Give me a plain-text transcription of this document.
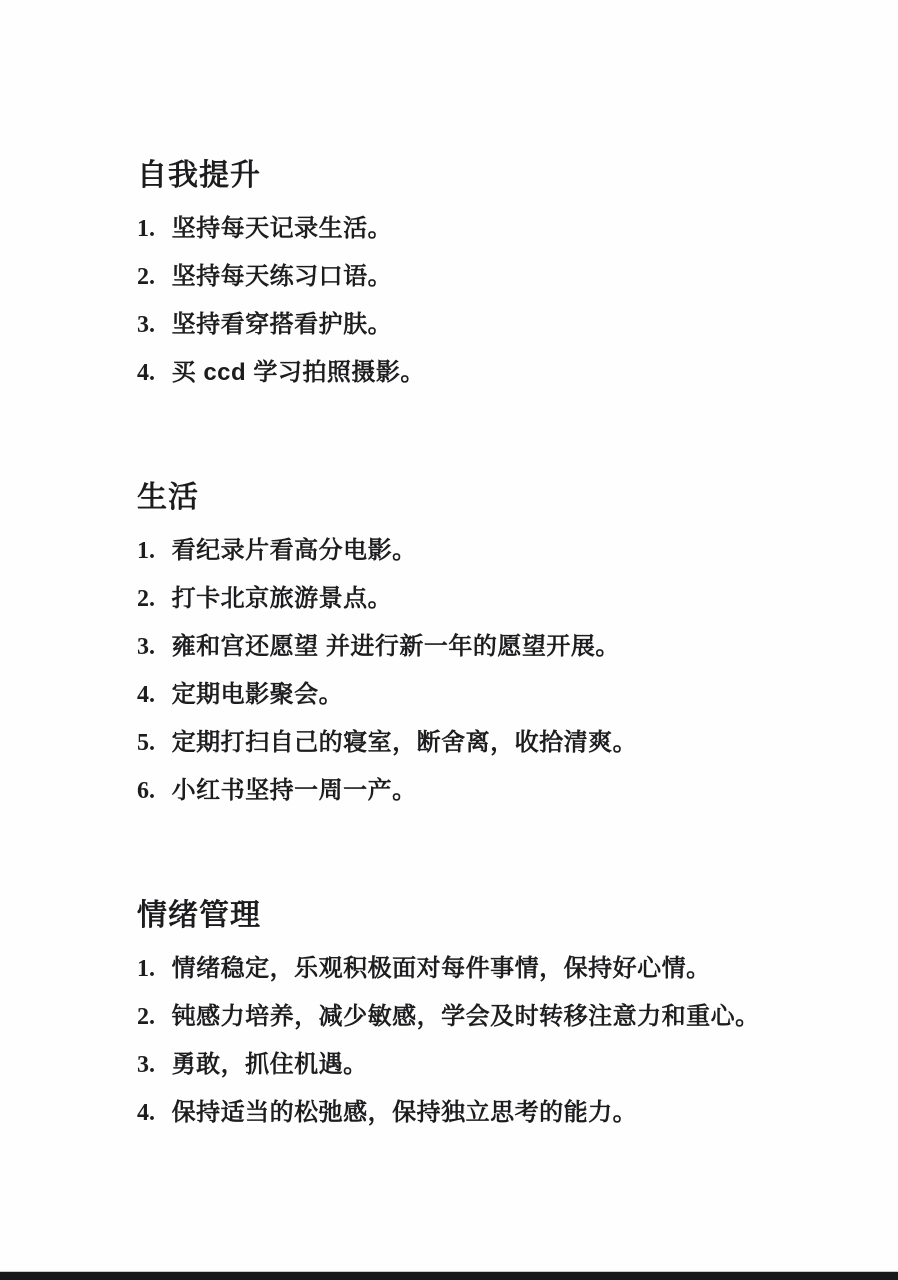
自我提升
1. 坚持每天记录生活。
2. 坚持每天练习口语。
3. 坚持看穿搭看护肤。
4. 买 ccd 学习拍照摄影。
生活
1. 看纪录片看高分电影。
2. 打卡北京旅游景点。
3. 雍和宫还愿望 并进行新一年的愿望开展。
4. 定期电影聚会。
5. 定期打扫自己的寝室，断舍离，收拾清爽。
6. 小红书坚持一周一产。
情绪管理
1. 情绪稳定，乐观积极面对每件事情，保持好心情。
2. 钝感力培养，减少敏感，学会及时转移注意力和重心。
3. 勇敢，抓住机遇。
4. 保持适当的松弛感，保持独立思考的能力。
